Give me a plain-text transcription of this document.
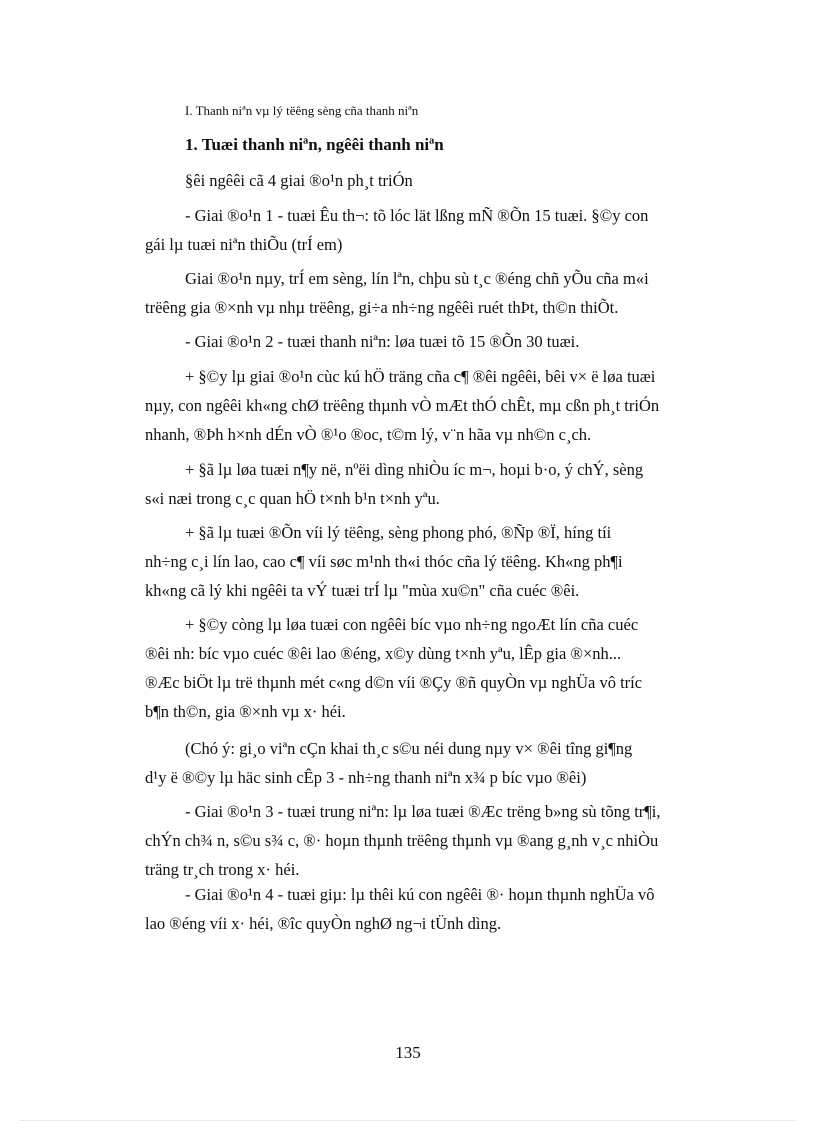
I. Thanh niªn vµ lý tëêng sèng cña thanh niªn
1. Tuæi thanh niªn, ngêêi thanh niªn

§êi ngêêi cã 4 giai ®o¹n ph¸t triÓn

- Giai ®o¹n 1 - tuæi Êu th¬: tõ lóc lät lßng mÑ ®Õn 15 tuæi. §©y con
gái lµ tuæi niªn thiÕu (trÍ em)

Giai ®o¹n nµy, trÍ em sèng, lín lªn, chþu sù t¸c ®éng chñ yÕu cña m«i
trëêng gia ®×nh vµ nhµ trëêng, gi÷a nh÷ng ngêêi ruét thÞt, th©n thiÕt.

- Giai ®o¹n 2 - tuæi thanh niªn: løa tuæi tõ 15 ®Õn 30 tuæi.

+ §©y lµ giai ®o¹n cùc kú hÖ träng cña c¶ ®êi ngêêi, bêi v× ë løa tuæi
nµy, con ngêêi kh«ng chØ trëêng thµnh vÒ mÆt thÓ chÊt, mµ cßn ph¸t triÓn
nhanh, ®Þh h×nh dÉn vÒ ®¹o ®oc, t©m lý, v¨n hãa vµ nh©n c¸ch.

+ §ã lµ løa tuæi n¶y në, nºëi dìng nhiÒu íc m¬, hoµi b·o, ý chÝ, sèng
s«i næi trong c¸c quan hÖ t×nh b¹n t×nh yªu.

+ §ã lµ tuæi ®Õn víi lý tëêng, sèng phong phó, ®Ñp ®Ï, híng tíi
nh÷ng c¸i lín lao, cao c¶ víi søc m¹nh th«i thóc cña lý tëêng. Kh«ng ph¶i
kh«ng cã lý khi ngêêi ta vÝ tuæi trÍ lµ "mùa xu©n" cña cuéc ®êi.

+ §©y còng lµ løa tuæi con ngêêi bíc vµo nh÷ng ngoÆt lín cña cuéc
®êi nh: bíc vµo cuéc ®êi lao ®éng, x©y dùng t×nh yªu, lÊp gia ®×nh...
®Æc biÖt lµ trë thµnh mét c«ng d©n víi ®Çy ®ñ quyÒn vµ nghÜa vô tríc
b¶n th©n, gia ®×nh vµ x· héi.

(Chó ý: gi¸o viªn cÇn khai th¸c s©u néi dung nµy v× ®êi tîng gi¶ng
d¹y ë ®©y lµ häc sinh cÊp 3 - nh÷ng thanh niªn x¾ p bíc vµo ®êi)

- Giai ®o¹n 3 - tuæi trung niªn: lµ løa tuæi ®Æc trëng b»ng sù tõng tr¶i,
chÝn ch¾ n, s©u s¾ c, ®· hoµn thµnh trëêng thµnh vµ ®ang g¸nh v¸c nhiÒu
träng tr¸ch trong x· héi.

- Giai ®o¹n 4 - tuæi giµ: lµ thêi kú con ngêêi ®· hoµn thµnh nghÜa vô
lao ®éng víi x· héi, ®îc quyÒn nghØ ng¬i tÜnh dìng.

135
